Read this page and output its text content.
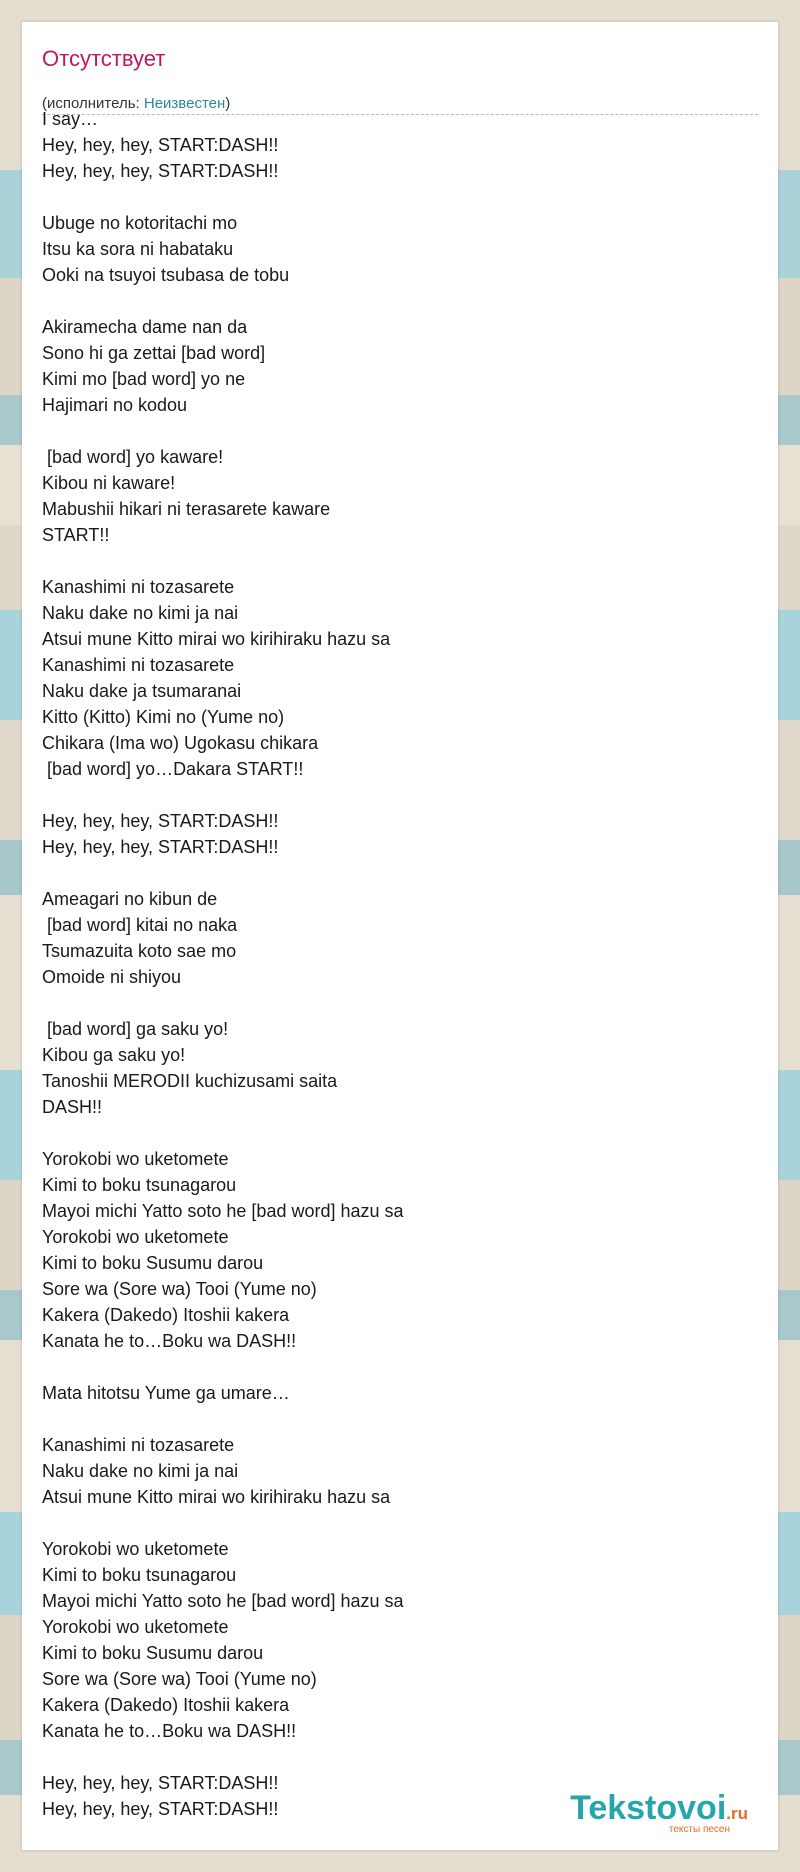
Отсутствует
(исполнитель: Неизвестен)
I say…
Hey, hey, hey, START:DASH!!
Hey, hey, hey, START:DASH!!

Ubuge no kotoritachi mo
Itsu ka sora ni habataku
Ooki na tsuyoi tsubasa de tobu

Akiramecha dame nan da
Sono hi ga zettai [bad word]
Kimi mo [bad word] yo ne
Hajimari no kodou

[bad word] yo kaware!
Kibou ni kaware!
Mabushii hikari ni terasarete kaware
START!!

Kanashimi ni tozasarete
Naku dake no kimi ja nai
Atsui mune Kitto mirai wo kirihiraku hazu sa
Kanashimi ni tozasarete
Naku dake ja tsumaranai
Kitto (Kitto) Kimi no (Yume no)
Chikara (Ima wo) Ugokasu chikara
[bad word] yo…Dakara START!!

Hey, hey, hey, START:DASH!!
Hey, hey, hey, START:DASH!!

Ameagari no kibun de
[bad word] kitai no naka
Tsumazuita koto sae mo
Omoide ni shiyou

[bad word] ga saku yo!
Kibou ga saku yo!
Tanoshii MERODII kuchizusami saita
DASH!!

Yorokobi wo uketomete
Kimi to boku tsunagarou
Mayoi michi Yatto soto he [bad word] hazu sa
Yorokobi wo uketomete
Kimi to boku Susumu darou
Sore wa (Sore wa) Tooi (Yume no)
Kakera (Dakedo) Itoshii kakera
Kanata he to…Boku wa DASH!!

Mata hitotsu Yume ga umare…

Kanashimi ni tozasarete
Naku dake no kimi ja nai
Atsui mune Kitto mirai wo kirihiraku hazu sa

Yorokobi wo uketomete
Kimi to boku tsunagarou
Mayoi michi Yatto soto he [bad word] hazu sa
Yorokobi wo uketomete
Kimi to boku Susumu darou
Sore wa (Sore wa) Tooi (Yume no)
Kakera (Dakedo) Itoshii kakera
Kanata he to…Boku wa DASH!!

Hey, hey, hey, START:DASH!!
Hey, hey, hey, START:DASH!!	Tekstovoi.ru
тексты песен
